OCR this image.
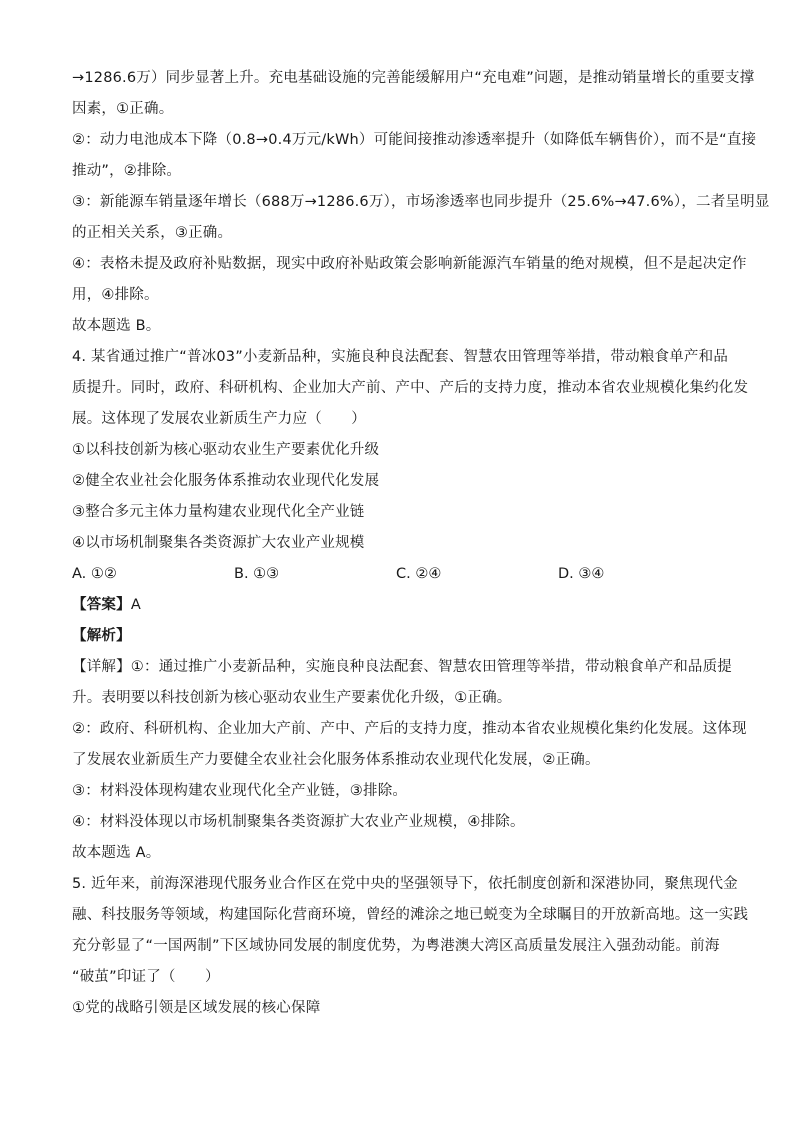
→1286.6万）同步显著上升。充电基础设施的完善能缓解用户“充电难”问题，是推动销量增长的重要支撑

因素，①正确。

②：动力电池成本下降（0.8→0.4万元/kWh）可能间接推动渗透率提升（如降低车辆售价），而不是“直接

推动”，②排除。

③：新能源车销量逐年增长（688万→1286.6万），市场渗透率也同步提升（25.6%→47.6%），二者呈明显

的正相关关系，③正确。

④：表格未提及政府补贴数据，现实中政府补贴政策会影响新能源汽车销量的绝对规模，但不是起决定作

用，④排除。

故本题选 B。

4. 某省通过推广“普冰03”小麦新品种，实施良种良法配套、智慧农田管理等举措，带动粮食单产和品

质提升。同时，政府、科研机构、企业加大产前、产中、产后的支持力度，推动本省农业规模化集约化发

展。这体现了发展农业新质生产力应（　　）

①以科技创新为核心驱动农业生产要素优化升级

②健全农业社会化服务体系推动农业现代化发展

③整合多元主体力量构建农业现代化全产业链

④以市场机制聚集各类资源扩大农业产业规模

A. ①②	B. ①③	C. ②④	D. ③④

【答案】A

【解析】

【详解】①：通过推广小麦新品种，实施良种良法配套、智慧农田管理等举措，带动粮食单产和品质提

升。表明要以科技创新为核心驱动农业生产要素优化升级，①正确。

②：政府、科研机构、企业加大产前、产中、产后的支持力度，推动本省农业规模化集约化发展。这体现

了发展农业新质生产力要健全农业社会化服务体系推动农业现代化发展，②正确。

③：材料没体现构建农业现代化全产业链，③排除。

④：材料没体现以市场机制聚集各类资源扩大农业产业规模，④排除。

故本题选 A。

5. 近年来，前海深港现代服务业合作区在党中央的坚强领导下，依托制度创新和深港协同，聚焦现代金

融、科技服务等领域，构建国际化营商环境，曾经的滩涂之地已蜕变为全球瞩目的开放新高地。这一实践

充分彰显了“一国两制”下区域协同发展的制度优势，为粤港澳大湾区高质量发展注入强劲动能。前海

“破茧”印证了（　　）

①党的战略引领是区域发展的核心保障
